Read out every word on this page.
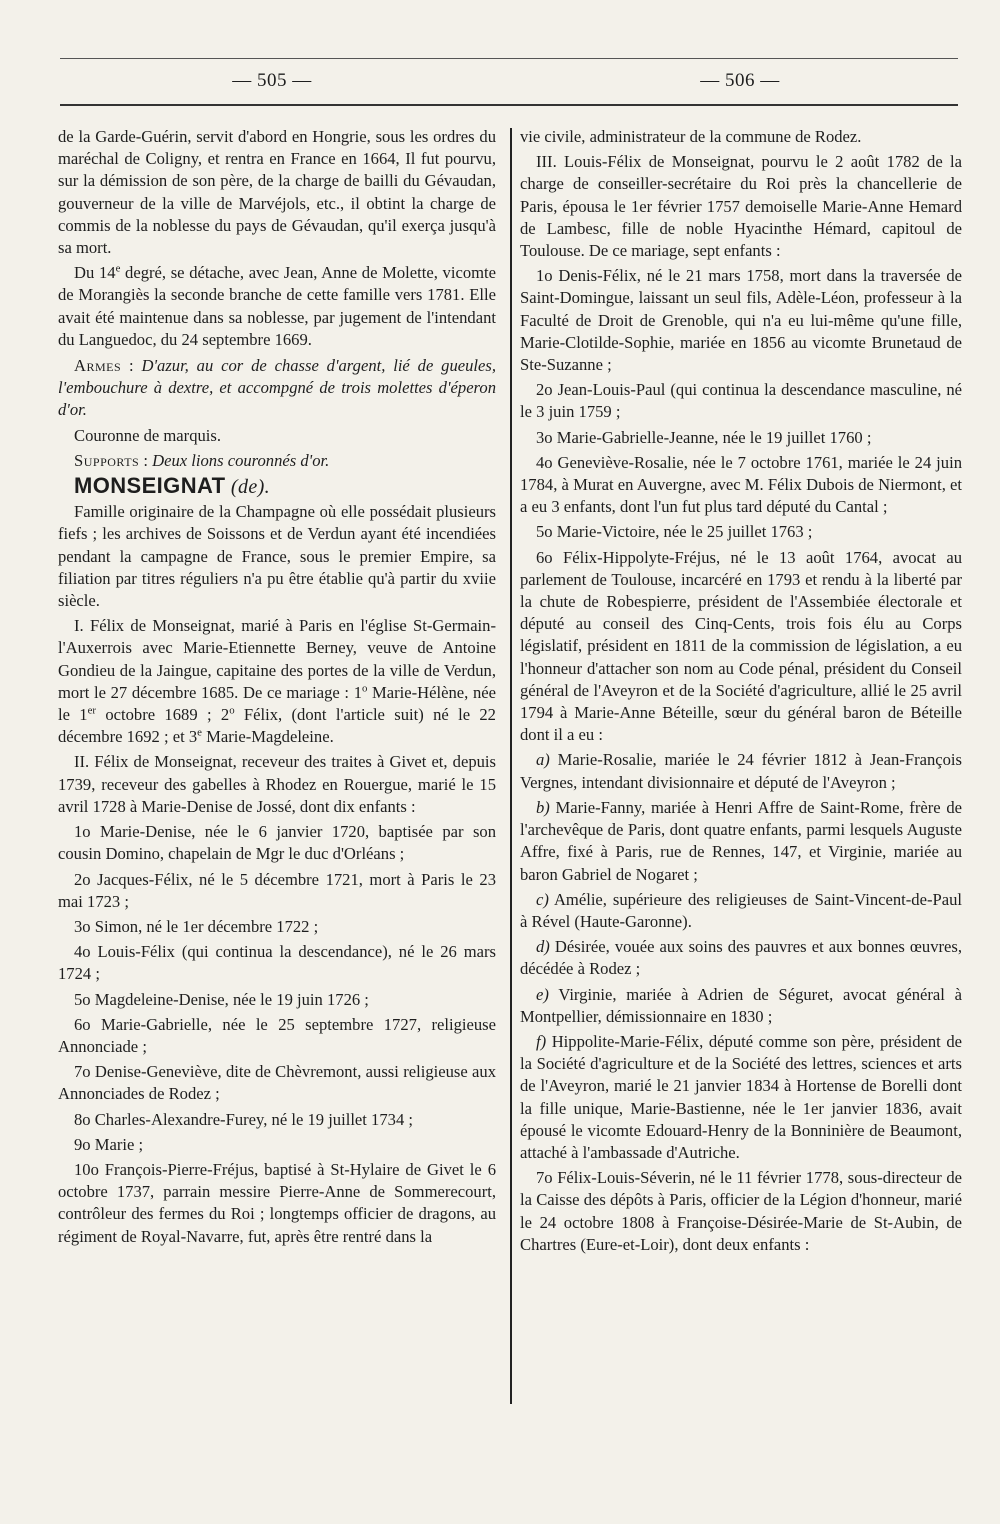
— 505 —	— 506 —

de la Garde-Guérin, servit d'abord en Hongrie, sous les ordres du maréchal de Coligny, et rentra en France en 1664, Il fut pourvu, sur la démission de son père, de la charge de bailli du Gévaudan, gouverneur de la ville de Marvéjols, etc., il obtint la charge de commis de la noblesse du pays de Gévaudan, qu'il exerça jusqu'à sa mort.

Du 14e degré, se détache, avec Jean, Anne de Molette, vicomte de Morangiès la seconde branche de cette famille vers 1781. Elle avait été maintenue dans sa noblesse, par jugement de l'intendant du Languedoc, du 24 septembre 1669.

Armes : D'azur, au cor de chasse d'argent, lié de gueules, l'embouchure à dextre, et accompgné de trois molettes d'éperon d'or.

Couronne de marquis.

Supports : Deux lions couronnés d'or.

MONSEIGNAT (de).

Famille originaire de la Champagne où elle possédait plusieurs fiefs ; les archives de Soissons et de Verdun ayant été incendiées pendant la campagne de France, sous le premier Empire, sa filiation par titres réguliers n'a pu être établie qu'à partir du xviie siècle.

I. Félix de Monseignat, marié à Paris en l'église St-Germain-l'Auxerrois avec Marie-Etiennette Berney, veuve de Antoine Gondieu de la Jaingue, capitaine des portes de la ville de Verdun, mort le 27 décembre 1685. De ce mariage : 1$^o$ Marie-Hélène, née le 1er octobre 1689 ; 2$^o$ Félix, (dont l'article suit) né le 22 décembre 1692 ; et 3e Marie-Magdeleine.

II. Félix de Monseignat, receveur des traites à Givet et, depuis 1739, receveur des gabelles à Rhodez en Rouergue, marié le 15 avril 1728 à Marie-Denise de Jossé, dont dix enfants :

1o Marie-Denise, née le 6 janvier 1720, baptisée par son cousin Domino, chapelain de Mgr le duc d'Orléans ;

2o Jacques-Félix, né le 5 décembre 1721, mort à Paris le 23 mai 1723 ;

3o Simon, né le 1er décembre 1722 ;

4o Louis-Félix (qui continua la descendance), né le 26 mars 1724 ;

5o Magdeleine-Denise, née le 19 juin 1726 ;

6o Marie-Gabrielle, née le 25 septembre 1727, religieuse Annonciade ;

7o Denise-Geneviève, dite de Chèvremont, aussi religieuse aux Annonciades de Rodez ;

8o Charles-Alexandre-Furey, né le 19 juillet 1734 ;

9o Marie ;

10o François-Pierre-Fréjus, baptisé à St-Hylaire de Givet le 6 octobre 1737, parrain messire Pierre-Anne de Sommerecourt, contrôleur des fermes du Roi ; longtemps officier de dragons, au régiment de Royal-Navarre, fut, après être rentré dans la

vie civile, administrateur de la commune de Rodez.

III. Louis-Félix de Monseignat, pourvu le 2 août 1782 de la charge de conseiller-secrétaire du Roi près la chancellerie de Paris, épousa le 1er février 1757 demoiselle Marie-Anne Hemard de Lambesc, fille de noble Hyacinthe Hémard, capitoul de Toulouse. De ce mariage, sept enfants :

1o Denis-Félix, né le 21 mars 1758, mort dans la traversée de Saint-Domingue, laissant un seul fils, Adèle-Léon, professeur à la Faculté de Droit de Grenoble, qui n'a eu lui-même qu'une fille, Marie-Clotilde-Sophie, mariée en 1856 au vicomte Brunetaud de Ste-Suzanne ;

2o Jean-Louis-Paul (qui continua la descendance masculine, né le 3 juin 1759 ;

3o Marie-Gabrielle-Jeanne, née le 19 juillet 1760 ;

4o Geneviève-Rosalie, née le 7 octobre 1761, mariée le 24 juin 1784, à Murat en Auvergne, avec M. Félix Dubois de Niermont, et a eu 3 enfants, dont l'un fut plus tard député du Cantal ;

5o Marie-Victoire, née le 25 juillet 1763 ;

6o Félix-Hippolyte-Fréjus, né le 13 août 1764, avocat au parlement de Toulouse, incarcéré en 1793 et rendu à la liberté par la chute de Robespierre, président de l'Assembiée électorale et député au conseil des Cinq-Cents, trois fois élu au Corps législatif, président en 1811 de la commission de législation, a eu l'honneur d'attacher son nom au Code pénal, président du Conseil général de l'Aveyron et de la Société d'agriculture, allié le 25 avril 1794 à Marie-Anne Béteille, sœur du général baron de Béteille dont il a eu :

a) Marie-Rosalie, mariée le 24 février 1812 à Jean-François Vergnes, intendant divisionnaire et député de l'Aveyron ;

b) Marie-Fanny, mariée à Henri Affre de Saint-Rome, frère de l'archevêque de Paris, dont quatre enfants, parmi lesquels Auguste Affre, fixé à Paris, rue de Rennes, 147, et Virginie, mariée au baron Gabriel de Nogaret ;

c) Amélie, supérieure des religieuses de Saint-Vincent-de-Paul à Rével (Haute-Garonne).

d) Désirée, vouée aux soins des pauvres et aux bonnes œuvres, décédée à Rodez ;

e) Virginie, mariée à Adrien de Séguret, avocat général à Montpellier, démissionnaire en 1830 ;

f) Hippolite-Marie-Félix, député comme son père, président de la Société d'agriculture et de la Société des lettres, sciences et arts de l'Aveyron, marié le 21 janvier 1834 à Hortense de Borelli dont la fille unique, Marie-Bastienne, née le 1er janvier 1836, avait épousé le vicomte Edouard-Henry de la Bonninière de Beaumont, attaché à l'ambassade d'Autriche.

7o Félix-Louis-Séverin, né le 11 février 1778, sous-directeur de la Caisse des dépôts à Paris, officier de la Légion d'honneur, marié le 24 octobre 1808 à Françoise-Désirée-Marie de St-Aubin, de Chartres (Eure-et-Loir), dont deux enfants :
